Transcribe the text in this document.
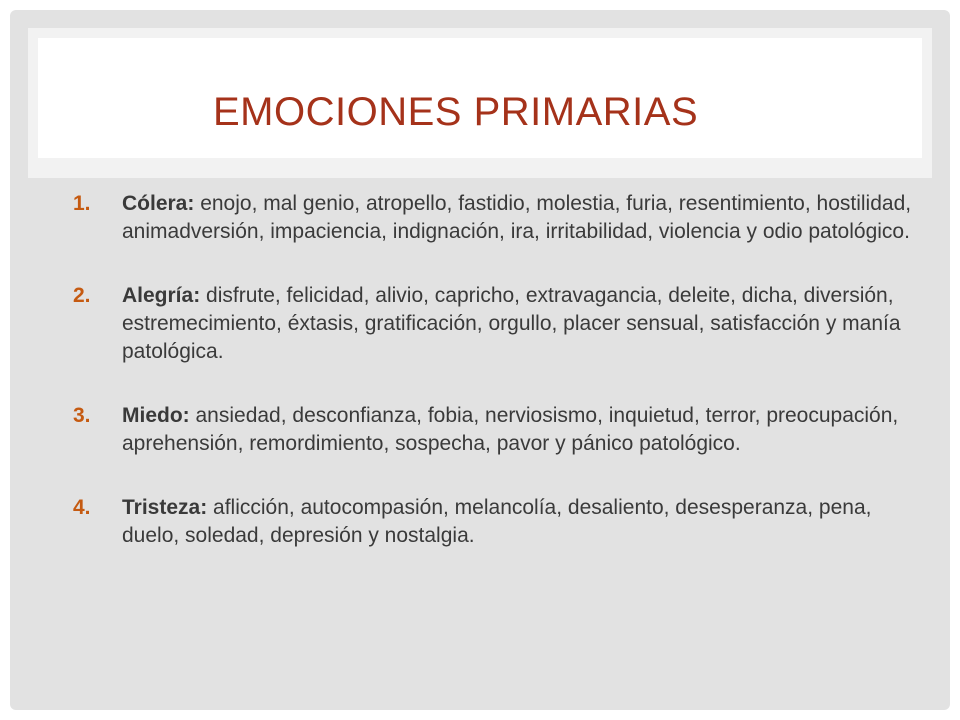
EMOCIONES PRIMARIAS
1.	Cólera: enojo, mal genio, atropello, fastidio, molestia, furia, resentimiento, hostilidad, animadversión, impaciencia, indignación, ira, irritabilidad, violencia y odio patológico.
2.	Alegría: disfrute, felicidad, alivio, capricho, extravagancia, deleite, dicha, diversión, estremecimiento, éxtasis, gratificación, orgullo, placer sensual, satisfacción y manía patológica.
3.	Miedo: ansiedad, desconfianza, fobia, nerviosismo, inquietud, terror, preocupación, aprehensión, remordimiento, sospecha, pavor y pánico patológico.
4.	Tristeza: aflicción, autocompasión, melancolía, desaliento, desesperanza, pena, duelo, soledad, depresión y nostalgia.
